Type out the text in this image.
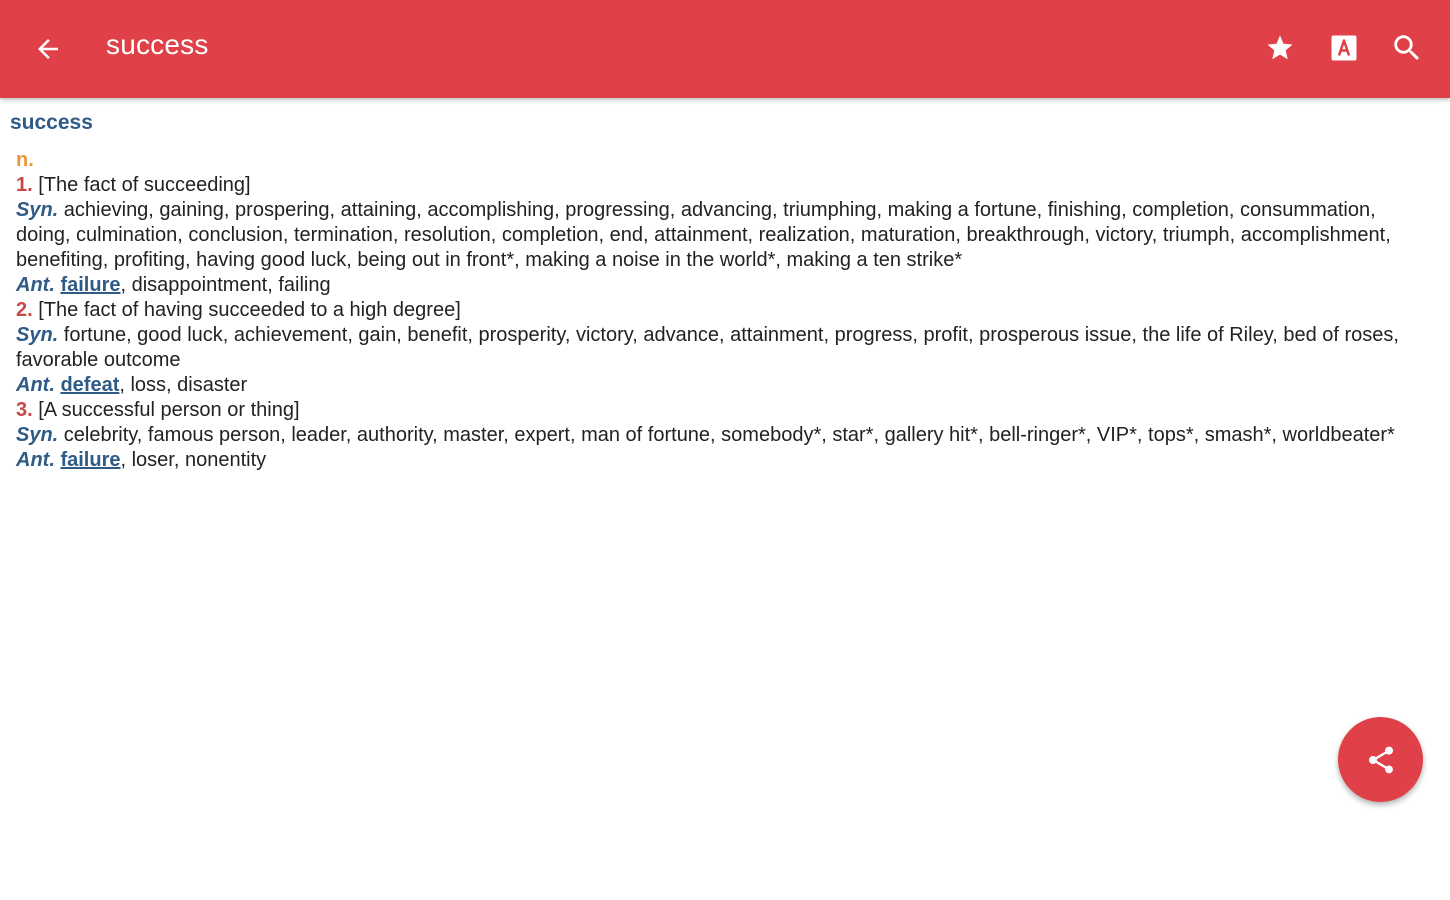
success
success
n.
1. [The fact of succeeding]
Syn. achieving, gaining, prospering, attaining, accomplishing, progressing, advancing, triumphing, making a fortune, finishing, completion, consummation, doing, culmination, conclusion, termination, resolution, completion, end, attainment, realization, maturation, breakthrough, victory, triumph, accomplishment, benefiting, profiting, having good luck, being out in front*, making a noise in the world*, making a ten strike*
Ant. failure, disappointment, failing
2. [The fact of having succeeded to a high degree]
Syn. fortune, good luck, achievement, gain, benefit, prosperity, victory, advance, attainment, progress, profit, prosperous issue, the life of Riley, bed of roses, favorable outcome
Ant. defeat, loss, disaster
3. [A successful person or thing]
Syn. celebrity, famous person, leader, authority, master, expert, man of fortune, somebody*, star*, gallery hit*, bell-ringer*, VIP*, tops*, smash*, worldbeater*
Ant. failure, loser, nonentity
